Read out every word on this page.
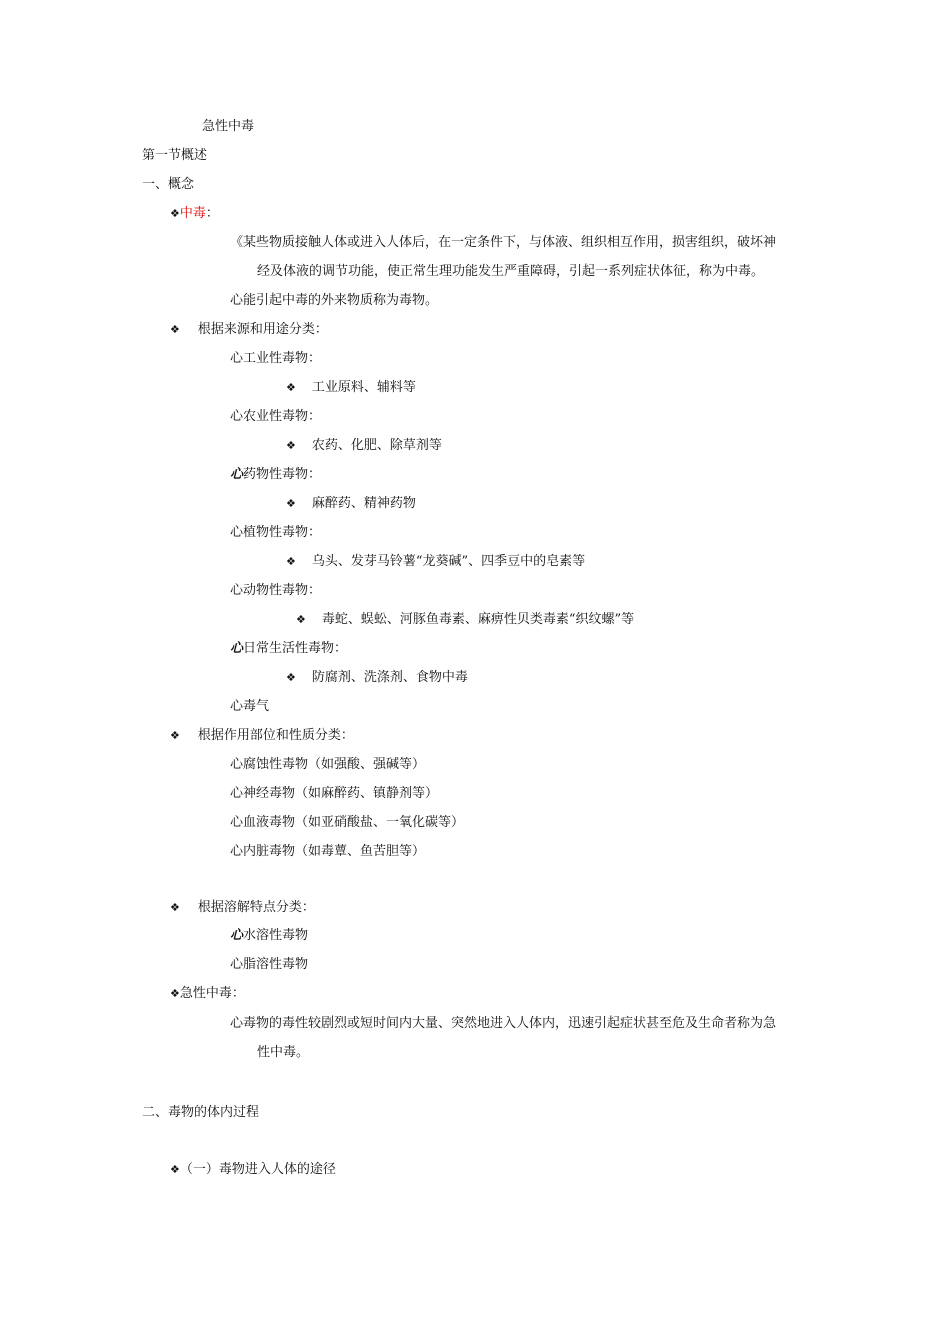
急性中毒
第一节概述
一、概念
❖中毒：
《某些物质接触人体或进入人体后，在一定条件下，与体液、组织相互作用，损害组织，破坏神
经及体液的调节功能，使正常生理功能发生严重障碍，引起一系列症状体征，称为中毒。
心能引起中毒的外来物质称为毒物。
❖ 根据来源和用途分类：
心工业性毒物：
❖ 工业原料、辅料等
心农业性毒物：
❖ 农药、化肥、除草剂等
心药物性毒物：
❖ 麻醉药、精神药物
心植物性毒物：
❖ 乌头、发芽马铃薯“龙葵碱”、四季豆中的皂素等
心动物性毒物：
❖ 毒蛇、蜈蚣、河豚鱼毒素、麻痹性贝类毒素“织纹螺”等
心日常生活性毒物：
❖ 防腐剂、洗涤剂、食物中毒
心毒气
❖ 根据作用部位和性质分类：
心腐蚀性毒物（如强酸、强碱等）
心神经毒物（如麻醉药、镇静剂等）
心血液毒物（如亚硝酸盐、一氧化碳等）
心内脏毒物（如毒蕈、鱼苦胆等）
❖ 根据溶解特点分类：
心水溶性毒物
心脂溶性毒物
❖急性中毒：
心毒物的毒性较剧烈或短时间内大量、突然地进入人体内，迅速引起症状甚至危及生命者称为急
性中毒。
二、毒物的体内过程
❖（一）毒物进入人体的途径
